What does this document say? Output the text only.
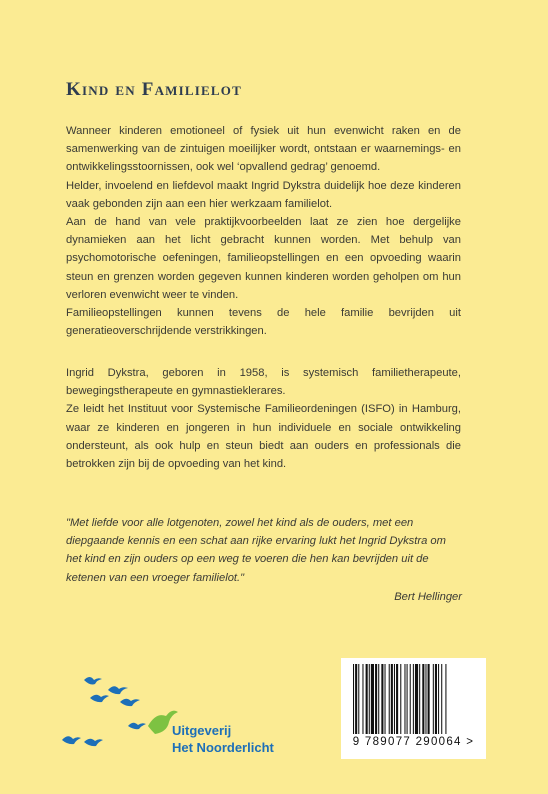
Kind en Familielot

Wanneer kinderen emotioneel of fysiek uit hun evenwicht raken en de samenwerking van de zintuigen moeilijker wordt, ontstaan er waarnemings- en ontwikkelingsstoornissen, ook wel ‘opvallend gedrag’ genoemd.

Helder, invoelend en liefdevol maakt Ingrid Dykstra duidelijk hoe deze kinderen vaak gebonden zijn aan een hier werkzaam familielot.

Aan de hand van vele praktijkvoorbeelden laat ze zien hoe dergelijke dynamieken aan het licht gebracht kunnen worden. Met behulp van psychomotorische oefeningen, familieopstellingen en een opvoeding waarin steun en grenzen worden gegeven kunnen kinderen worden geholpen om hun verloren evenwicht weer te vinden.

Familieopstellingen kunnen tevens de hele familie bevrijden uit generatieoverschrijdende verstrikkingen.

Ingrid Dykstra, geboren in 1958, is systemisch familietherapeute, bewegingstherapeute en gymnastieklerares.

Ze leidt het Instituut voor Systemische Familieordeningen (ISFO) in Hamburg, waar ze kinderen en jongeren in hun individuele en sociale ontwikkeling ondersteunt, als ook hulp en steun biedt aan ouders en professionals die betrokken zijn bij de opvoeding van het kind.

"Met liefde voor alle lotgenoten, zowel het kind als de ouders, met een diepgaande kennis en een schat aan rijke ervaring lukt het Ingrid Dykstra om het kind en zijn ouders op een weg te voeren die hen kan bevrijden uit de ketenen van een vroeger familielot."

Bert Hellinger
Uitgeverij
Het Noorderlicht	9 789077 290064 >
